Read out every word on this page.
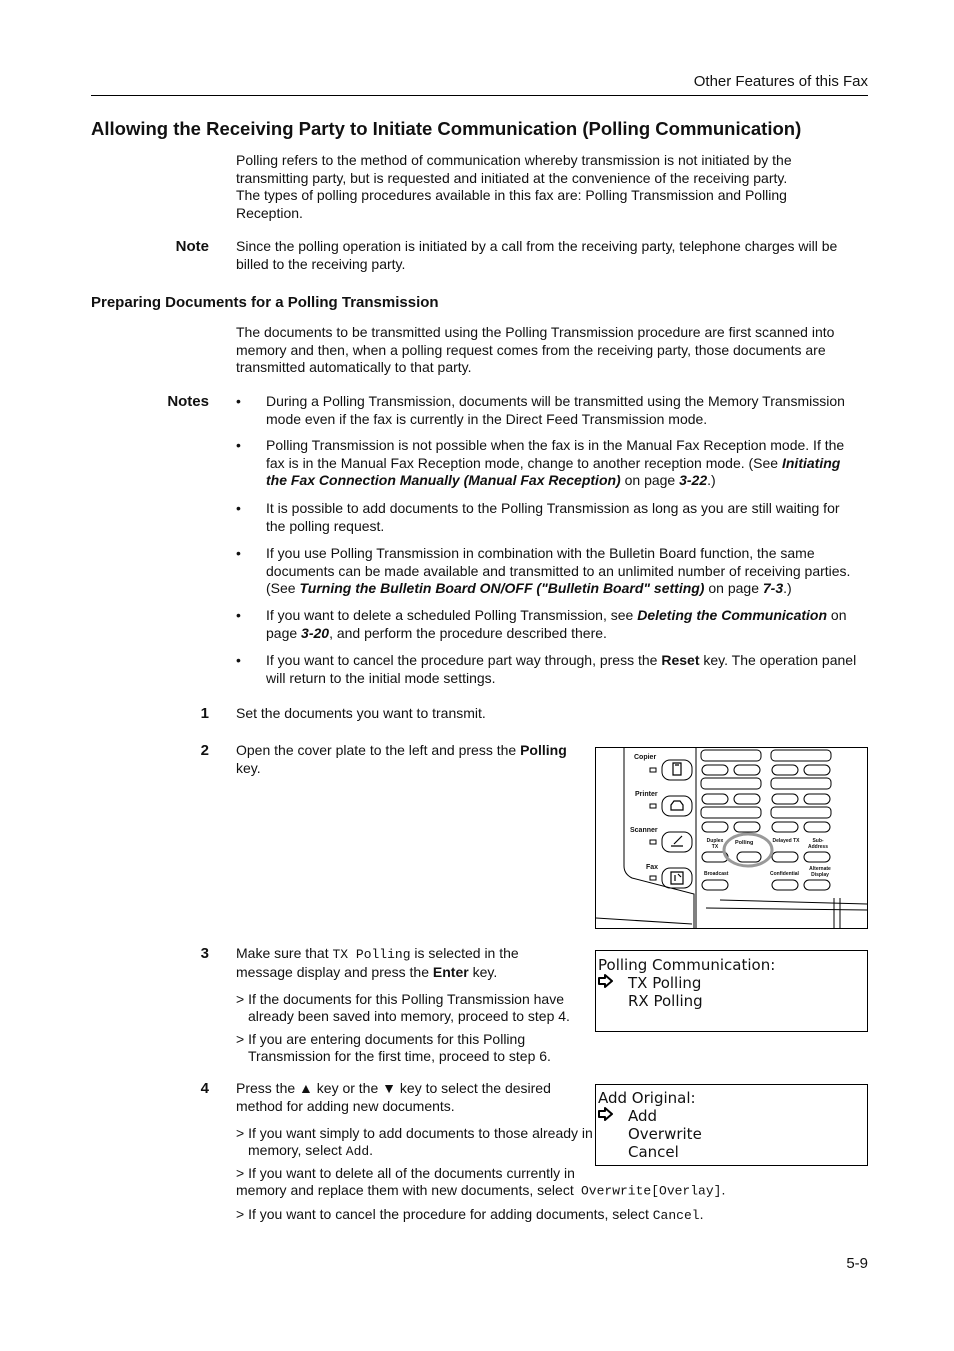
Other Features of this Fax
Allowing the Receiving Party to Initiate Communication (Polling Communication)
Polling refers to the method of communication whereby transmission is not initiated by the
transmitting party, but is requested and initiated at the convenience of the receiving party.
The types of polling procedures available in this fax are: Polling Transmission and Polling
Reception.
Note Since the polling operation is initiated by a call from the receiving party, telephone charges will be
billed to the receiving party.
Preparing Documents for a Polling Transmission
The documents to be transmitted using the Polling Transmission procedure are first scanned into
memory and then, when a polling request comes from the receiving party, those documents are
transmitted automatically to that party.
Notes • During a Polling Transmission, documents will be transmitted using the Memory Transmission
mode even if the fax is currently in the Direct Feed Transmission mode.
• Polling Transmission is not possible when the fax is in the Manual Fax Reception mode. If the
fax is in the Manual Fax Reception mode, change to another reception mode. (See Initiating
the Fax Connection Manually (Manual Fax Reception) on page 3-22.)
• It is possible to add documents to the Polling Transmission as long as you are still waiting for
the polling request.
• If you use Polling Transmission in combination with the Bulletin Board function, the same
documents can be made available and transmitted to an unlimited number of receiving parties.
(See Turning the Bulletin Board ON/OFF ("Bulletin Board" setting) on page 7-3.)
• If you want to delete a scheduled Polling Transmission, see Deleting the Communication on
page 3-20, and perform the procedure described there.
• If you want to cancel the procedure part way through, press the Reset key. The operation panel
will return to the initial mode settings.
1 Set the documents you want to transmit.
2 Open the cover plate to the left and press the Polling
key.
Copier
Printer
Scanner
Fax
Duplex TX
Polling	Delayed TX	Sub-Address
Broadcast	Confidential
Alternate Display
3 Make sure that TX Polling is selected in the
message display and press the Enter key.
> If the documents for this Polling Transmission have already been saved into memory, proceed to step 4.
> If you are entering documents for this Polling Transmission for the first time, proceed to step 6.
Polling Communication:
TX Polling
RX Polling
4 Press the ▲ key or the ▼ key to select the desired
method for adding new documents.
> If you want simply to add documents to those already in memory, select Add.
> If you want to delete all of the documents currently in memory and replace them with new documents, selectOverwrite[Overlay].
> If you want to cancel the procedure for adding documents, select Cancel.
Add Original:
Add
Overwrite
Cancel
5-9
